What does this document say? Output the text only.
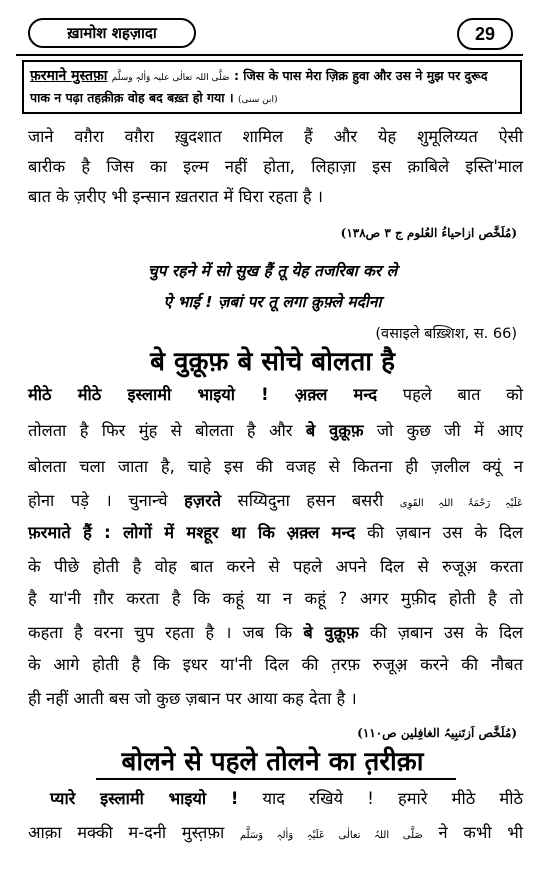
ख़ामोश शहज़ादा	29
फ़रमाने मुस्तफ़ा صَلَّی اللہ تعالٰی علیہ وَاٰلہٖ وسلَّم : जिस के पास मेरा ज़िक्र हुवा और उस ने मुझ पर दुरूद
पाक न पढ़ा तहक़ीक़ वोह बद बख़्त हो गया । (ابن سنی)
जाने वग़ैरा वग़ैरा ख़ुदशात शामिल हैं और येह शुमूलिय्यत ऐसी
बारीक है जिस का इल्म नहीं होता, लिहाज़ा इस क़ाबिले इस्ति'माल
बात के ज़रीए भी इन्सान ख़तरात में घिरा रहता है ।
(مُلَخَّص ازاحیاءُ العُلوم ج ۳ ص۱۳۸)
चुप रहने में सो सुख हैं तू येह तजरिबा कर ले
ऐ भाई ! ज़बां पर तू लगा क़ुफ़्ले मदीना
(वसाइले बख़्शिश, स. 66)
बे वुक़ूफ़ बे सोचे बोलता है
मीठे मीठे इस्लामी भाइयो ! अ़क़्ल मन्द पहले बात को
तोलता है फिर मुंह से बोलता है और बे वुक़ूफ़ जो कुछ जी में आए
बोलता चला जाता है, चाहे इस की वजह से कितना ही ज़लील क्यूं न
होना पड़े । चुनान्चे हज़रते सय्यिदुना हसन बसरी عَلَیْہِ رَحْمَۃُ اللہِ القَوِی
फ़रमाते हैं : लोगों में मश्हूर था कि अ़क़्ल मन्द की ज़बान उस के दिल
के पीछे होती है वोह बात करने से पहले अपने दिल से रुजूअ़ करता
है या'नी ग़ौर करता है कि कहूं या न कहूं ? अगर मुफ़ीद होती है तो
कहता है वरना चुप रहता है । जब कि बे वुक़ूफ़ की ज़बान उस के दिल
के आगे होती है कि इधर या'नी दिल की त़रफ़ रुजूअ़ करने की नौबत
ही नहीं आती बस जो कुछ ज़बान पर आया कह देता है ।
(مُلَخَّص اَزتَنبِیہُ الغافِلین ص۱۱۰)
बोलने से पहले तोलने का त़रीक़ा
प्यारे इस्लामी भाइयो ! याद रखिये ! हमारे मीठे मीठे
आक़ा मक्की म-दनी मुस्त़फ़ा صَلَّی اللہُ تعالٰی عَلَیْہِ وَاٰلہٖ وَسَلَّم ने कभी भी
